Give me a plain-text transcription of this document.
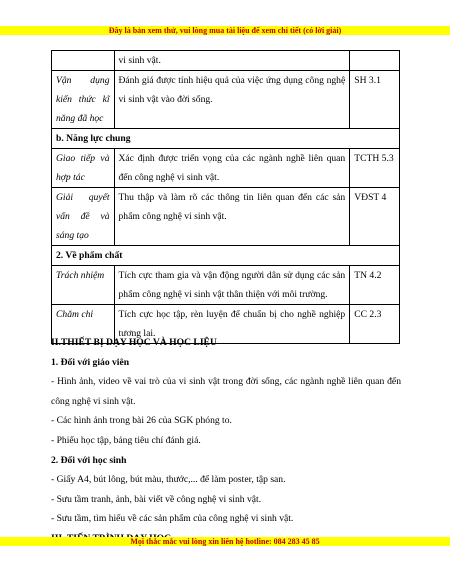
Đây là bản xem thử, vui lòng mua tài liệu để xem chi tiết (có lời giải)
	vi sinh vật.	
Vận dụng kiến thức kĩ năng đã học	Đánh giá được tính hiệu quả của việc ứng dụng công nghệ vi sinh vật vào đời sống.	SH 3.1
b. Năng lực chung		
Giao tiếp và hợp tác	Xác định được triển vọng của các ngành nghề liên quan đến công nghệ vi sinh vật.	TCTH 5.3
Giải quyết vấn đề và sáng tạo	Thu thập và làm rõ các thông tin liên quan đến các sản phẩm công nghệ vi sinh vật.	VĐST 4
2. Về phẩm chất		
Trách nhiệm	Tích cực tham gia và vận động người dân sử dụng các sản phẩm công nghệ vi sinh vật thân thiện với môi trường.	TN 4.2
Chăm chỉ	Tích cực học tập, rèn luyện để chuẩn bị cho nghề nghiệp tương lai.	CC 2.3

II.THIẾT BỊ DẠY HỌC VÀ HỌC LIỆU

1. Đối với giáo viên

- Hình ảnh, video về vai trò của vi sinh vật trong đời sống, các ngành nghề liên quan đến công nghệ vi sinh vật.

- Các hình ảnh trong bài 26 của SGK phóng to.

- Phiếu học tập, bảng tiêu chí đánh giá.

2. Đối với học sinh

- Giấy A4, bút lông, bút màu, thước,... để làm poster, tập san.

- Sưu tầm tranh, ảnh, bài viết về công nghệ vi sinh vật.

- Sưu tầm, tìm hiểu về các sản phẩm của công nghệ vi sinh vật.

Mọi thắc mắc vui lòng xin liên hệ hotline: 084 283 45 85
